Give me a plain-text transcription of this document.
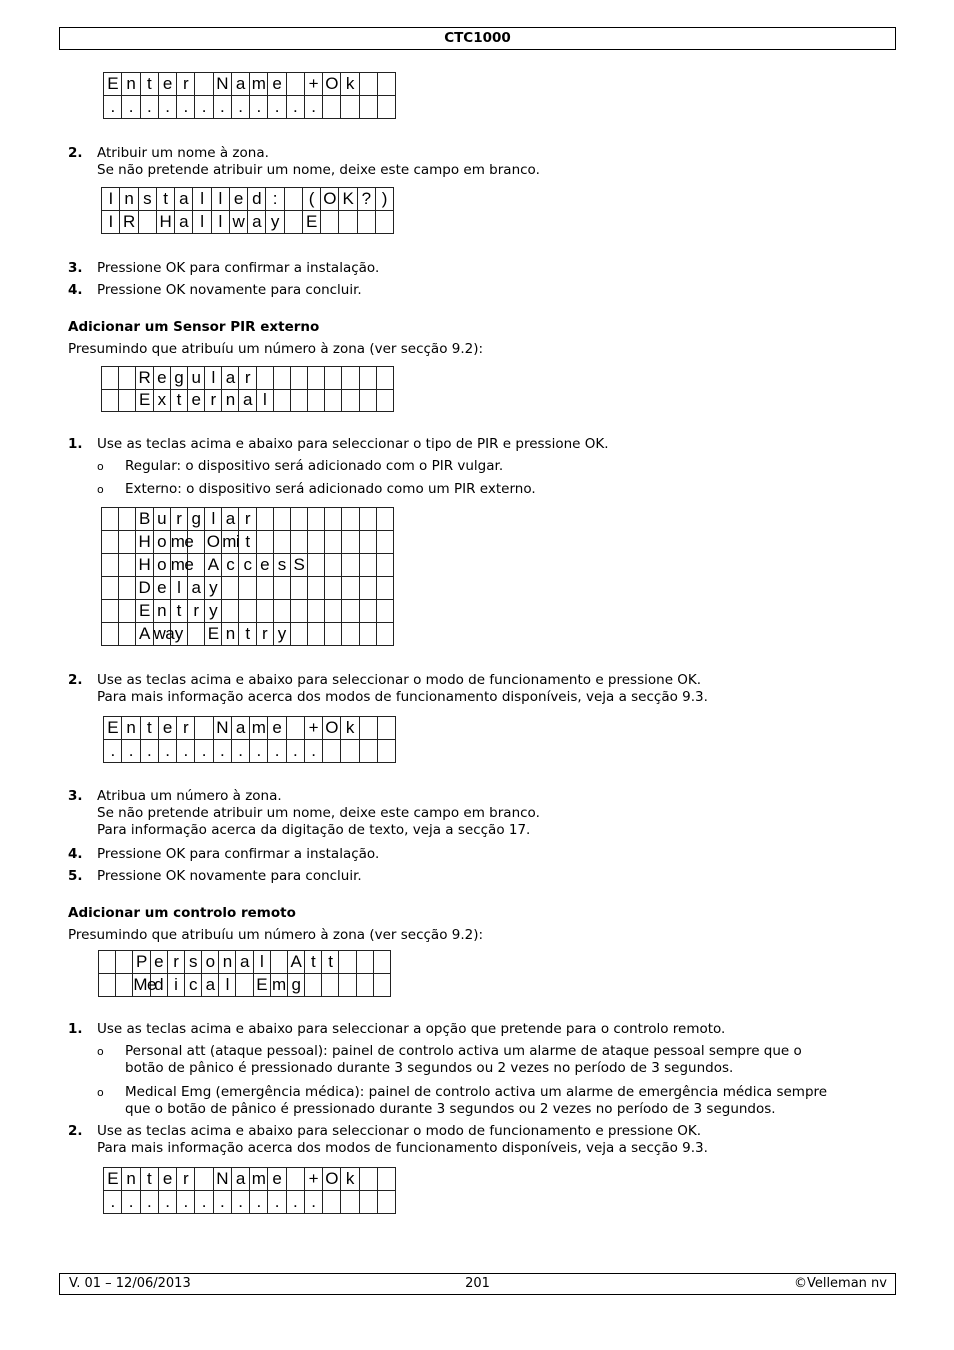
CTC1000
E	n	t	e	r		N	a	m	e		+	O	k		
.	.	.	.	.	.	.	.	.	.	.	.				
2. Atribuir um nome à zona.
Se não pretende atribuir um nome, deixe este campo em branco.
I	n	s	t	a	l	l	e	d	:		(	O	K	?	)
I	R		H	a	l	l	w	a	y		E				
3. Pressione OK para confirmar a instalação.
4. Pressione OK novamente para concluir.
Adicionar um Sensor PIR externo
Presumindo que atribuíu um número à zona (ver secção 9.2):
		R	e	g	u	l	a	r								
		E	x	t	e	r	n	a	l							
1. Use as teclas acima e abaixo para seleccionar o tipo de PIR e pressione OK.
o Regular: o dispositivo será adicionado com o PIR vulgar.
o Externo: o dispositivo será adicionado como um PIR externo.
		B	u	r	g	l	a	r								
		H	o	me		O	mi	t								
		H	o	me		A	c	c	e	s	S					
		D	e	l	a	y										
		E	n	t	r	y										
		A	wa	y		E	n	t	r	y						
2. Use as teclas acima e abaixo para seleccionar o modo de funcionamento e pressione OK.
Para mais informação acerca dos modos de funcionamento disponíveis, veja a secção 9.3.
E	n	t	e	r		N	a	m	e		+	O	k		
.	.	.	.	.	.	.	.	.	.	.	.				
3. Atribua um número à zona.
Se não pretende atribuir um nome, deixe este campo em branco.
Para informação acerca da digitação de texto, veja a secção 17.
4. Pressione OK para confirmar a instalação.
5. Pressione OK novamente para concluir.
Adicionar um controlo remoto
Presumindo que atribuíu um número à zona (ver secção 9.2):
		P	e	r	s	o	n	a	l		A	t	t			
		Me	d	i	c	a	l		E	m	g					
1. Use as teclas acima e abaixo para seleccionar a opção que pretende para o controlo remoto.
o Personal att (ataque pessoal): painel de controlo activa um alarme de ataque pessoal sempre que o
botão de pânico é pressionado durante 3 segundos ou 2 vezes no período de 3 segundos.
o Medical Emg (emergência médica): painel de controlo activa um alarme de emergência médica sempre
que o botão de pânico é pressionado durante 3 segundos ou 2 vezes no período de 3 segundos.
2. Use as teclas acima e abaixo para seleccionar o modo de funcionamento e pressione OK.
Para mais informação acerca dos modos de funcionamento disponíveis, veja a secção 9.3.
E	n	t	e	r		N	a	m	e		+	O	k		
.	.	.	.	.	.	.	.	.	.	.	.				
V. 01 – 12/06/2013	201	©Velleman nv
